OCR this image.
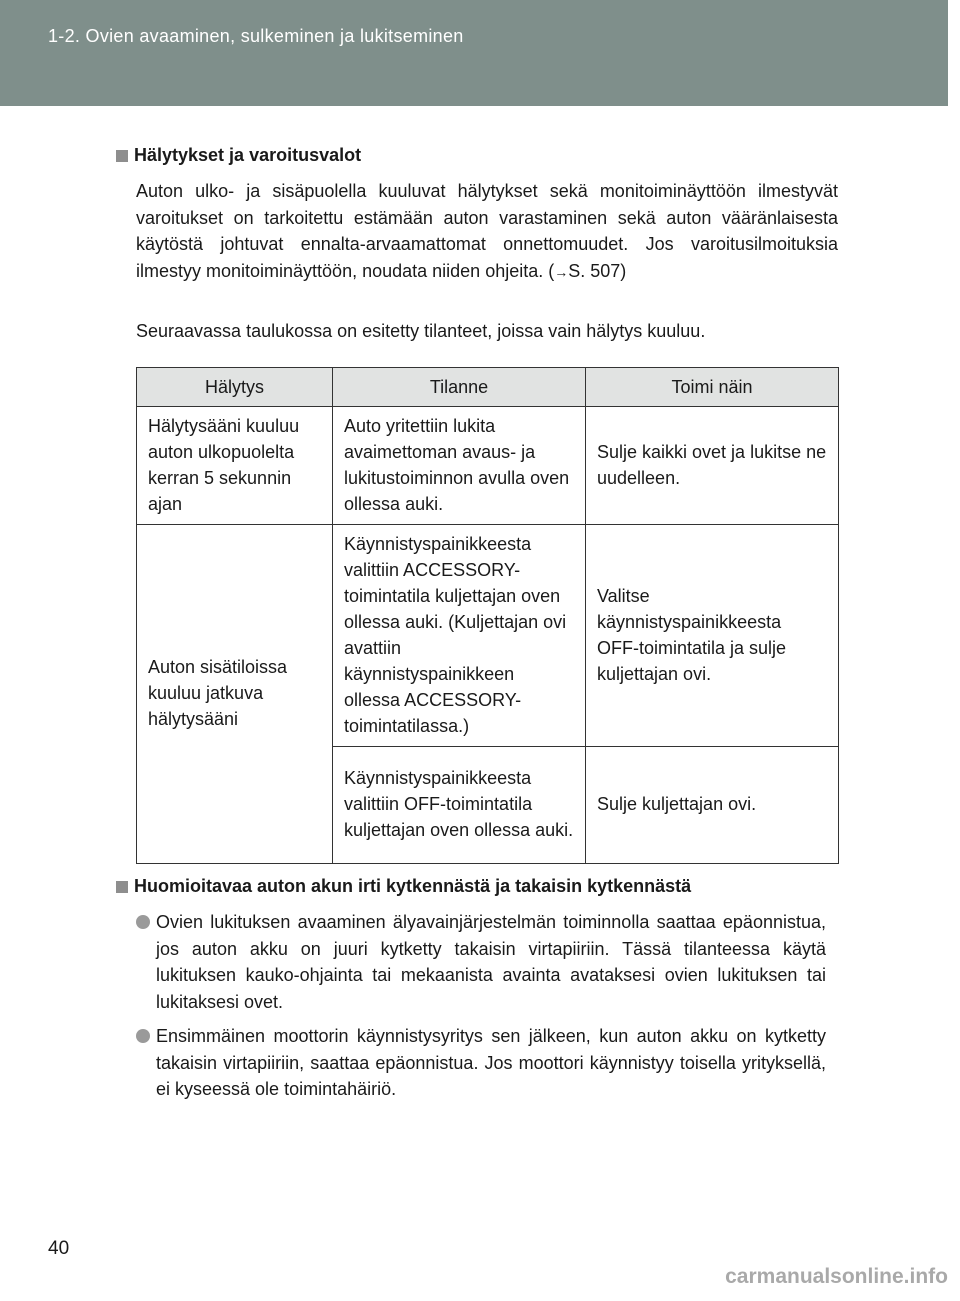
1-2. Ovien avaaminen, sulkeminen ja lukitseminen
Hälytykset ja varoitusvalot

Auton ulko- ja sisäpuolella kuuluvat hälytykset sekä monitoiminäyttöön ilmestyvät varoitukset on tarkoitettu estämään auton varastaminen sekä auton vääränlaisesta käytöstä johtuvat ennalta-arvaamattomat onnettomuudet. Jos varoitusilmoituksia ilmestyy monitoiminäyttöön, noudata niiden ohjeita. (→S. 507)

Seuraavassa taulukossa on esitetty tilanteet, joissa vain hälytys kuuluu.

Hälytys	Tilanne	Toimi näin
Hälytysääni kuuluu auton ulkopuolelta kerran 5 sekunnin ajan	Auto yritettiin lukita avaimettoman avaus- ja lukitustoiminnon avulla oven ollessa auki.	Sulje kaikki ovet ja lukitse ne uudelleen.
Auton sisätiloissa kuuluu jatkuva hälytysääni	Käynnistyspainikkeesta valittiin ACCESSORY-toimintatila kuljettajan oven ollessa auki. (Kuljettajan ovi avattiin käynnistyspainikkeen ollessa ACCESSORY-toimintatilassa.)	Valitse käynnistyspainikkeesta OFF-toimintatila ja sulje kuljettajan ovi.
	Käynnistyspainikkeesta valittiin OFF-toimintatila kuljettajan oven ollessa auki.	Sulje kuljettajan ovi.
Huomioitavaa auton akun irti kytkennästä ja takaisin kytkennästä

Ovien lukituksen avaaminen älyavainjärjestelmän toiminnolla saattaa epäonnistua, jos auton akku on juuri kytketty takaisin virtapiiriin. Tässä tilanteessa käytä lukituksen kauko-ohjainta tai mekaanista avainta avataksesi ovien lukituksen tai lukitaksesi ovet.

Ensimmäinen moottorin käynnistysyritys sen jälkeen, kun auton akku on kytketty takaisin virtapiiriin, saattaa epäonnistua. Jos moottori käynnistyy toisella yrityksellä, ei kyseessä ole toimintahäiriö.

40
carmanualsonline.info
